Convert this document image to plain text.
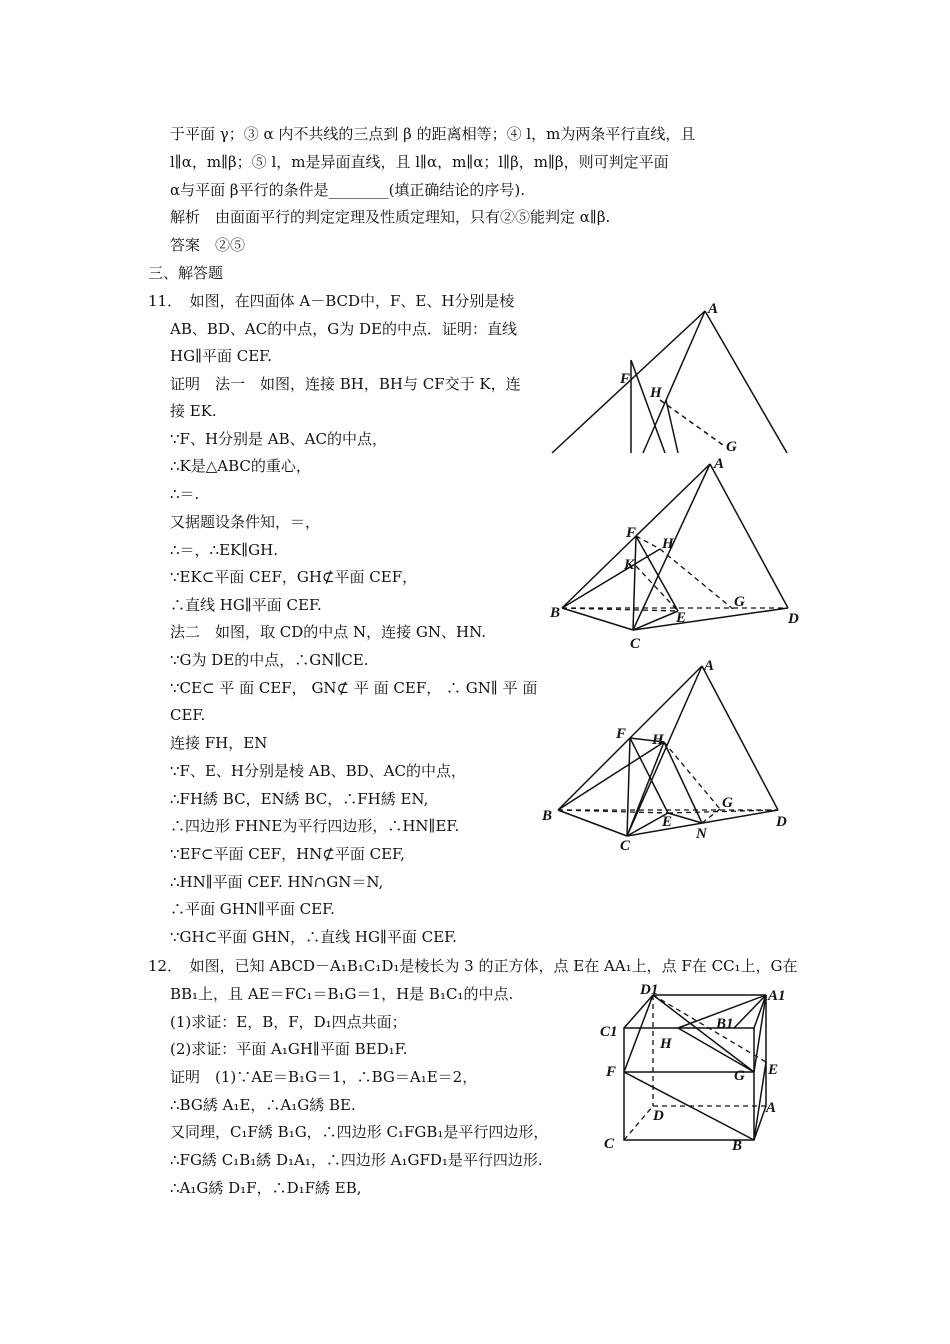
于平面 γ；③ α 内不共线的三点到 β 的距离相等；④ l，m为两条平行直线，且
l∥α，m∥β；⑤ l，m是异面直线，且 l∥α，m∥α；l∥β，m∥β，则可判定平面
α与平面 β平行的条件是________(填正确结论的序号).
解析　由面面平行的判定定理及性质定理知，只有②⑤能判定 α∥β.
答案　②⑤
三、解答题
11．　如图，在四面体 A－BCD中，F、E、H分别是棱
AB、BD、AC的中点，G为 DE的中点．证明：直线
HG∥平面 CEF.
证明　法一　如图，连接 BH，BH与 CF交于 K，连
接 EK.
∵F、H分别是 AB、AC的中点，
∴K是△ABC的重心，
∴＝.
又据题设条件知，＝，
∴＝，∴EK∥GH.
∵EK⊂平面 CEF，GH⊄平面 CEF，
∴直线 HG∥平面 CEF.
法二　如图，取 CD的中点 N，连接 GN、HN.
∵G为 DE的中点，∴GN∥CE.
∵CE⊂ 平 面 CEF， GN⊄ 平 面 CEF， ∴ GN∥ 平 面
CEF.
连接 FH，EN
∵F、E、H分别是棱 AB、BD、AC的中点，
∴FH綉 BC，EN綉 BC，∴FH綉 EN,
∴四边形 FHNE为平行四边形，∴HN∥EF.
∵EF⊂平面 CEF，HN⊄平面 CEF,
∴HN∥平面 CEF. HN∩GN＝N,
∴平面 GHN∥平面 CEF.
∵GH⊂平面 GHN，∴直线 HG∥平面 CEF.
12．　如图，已知 ABCD－A₁B₁C₁D₁是棱长为 3 的正方体，点 E在 AA₁上，点 F在 CC₁上，G在
BB₁上，且 AE＝FC₁＝B₁G＝1，H是 B₁C₁的中点.
(1)求证：E，B，F，D₁四点共面；
(2)求证：平面 A₁GH∥平面 BED₁F.
证明　(1)∵AE＝B₁G＝1，∴BG＝A₁E＝2，
∴BG綉 A₁E，∴A₁G綉 BE.
又同理，C₁F綉 B₁G，∴四边形 C₁FGB₁是平行四边形，
∴FG綉 C₁B₁綉 D₁A₁，∴四边形 A₁GFD₁是平行四边形.
∴A₁G綉 D₁F，∴D₁F綉 EB,
A
F
H
G
A
F
H
K
G
B	E	D
C
A
F H
G
B	E
N
D
C
D1	A1
C1	B1
H
E
F	G
D	A
C	B
